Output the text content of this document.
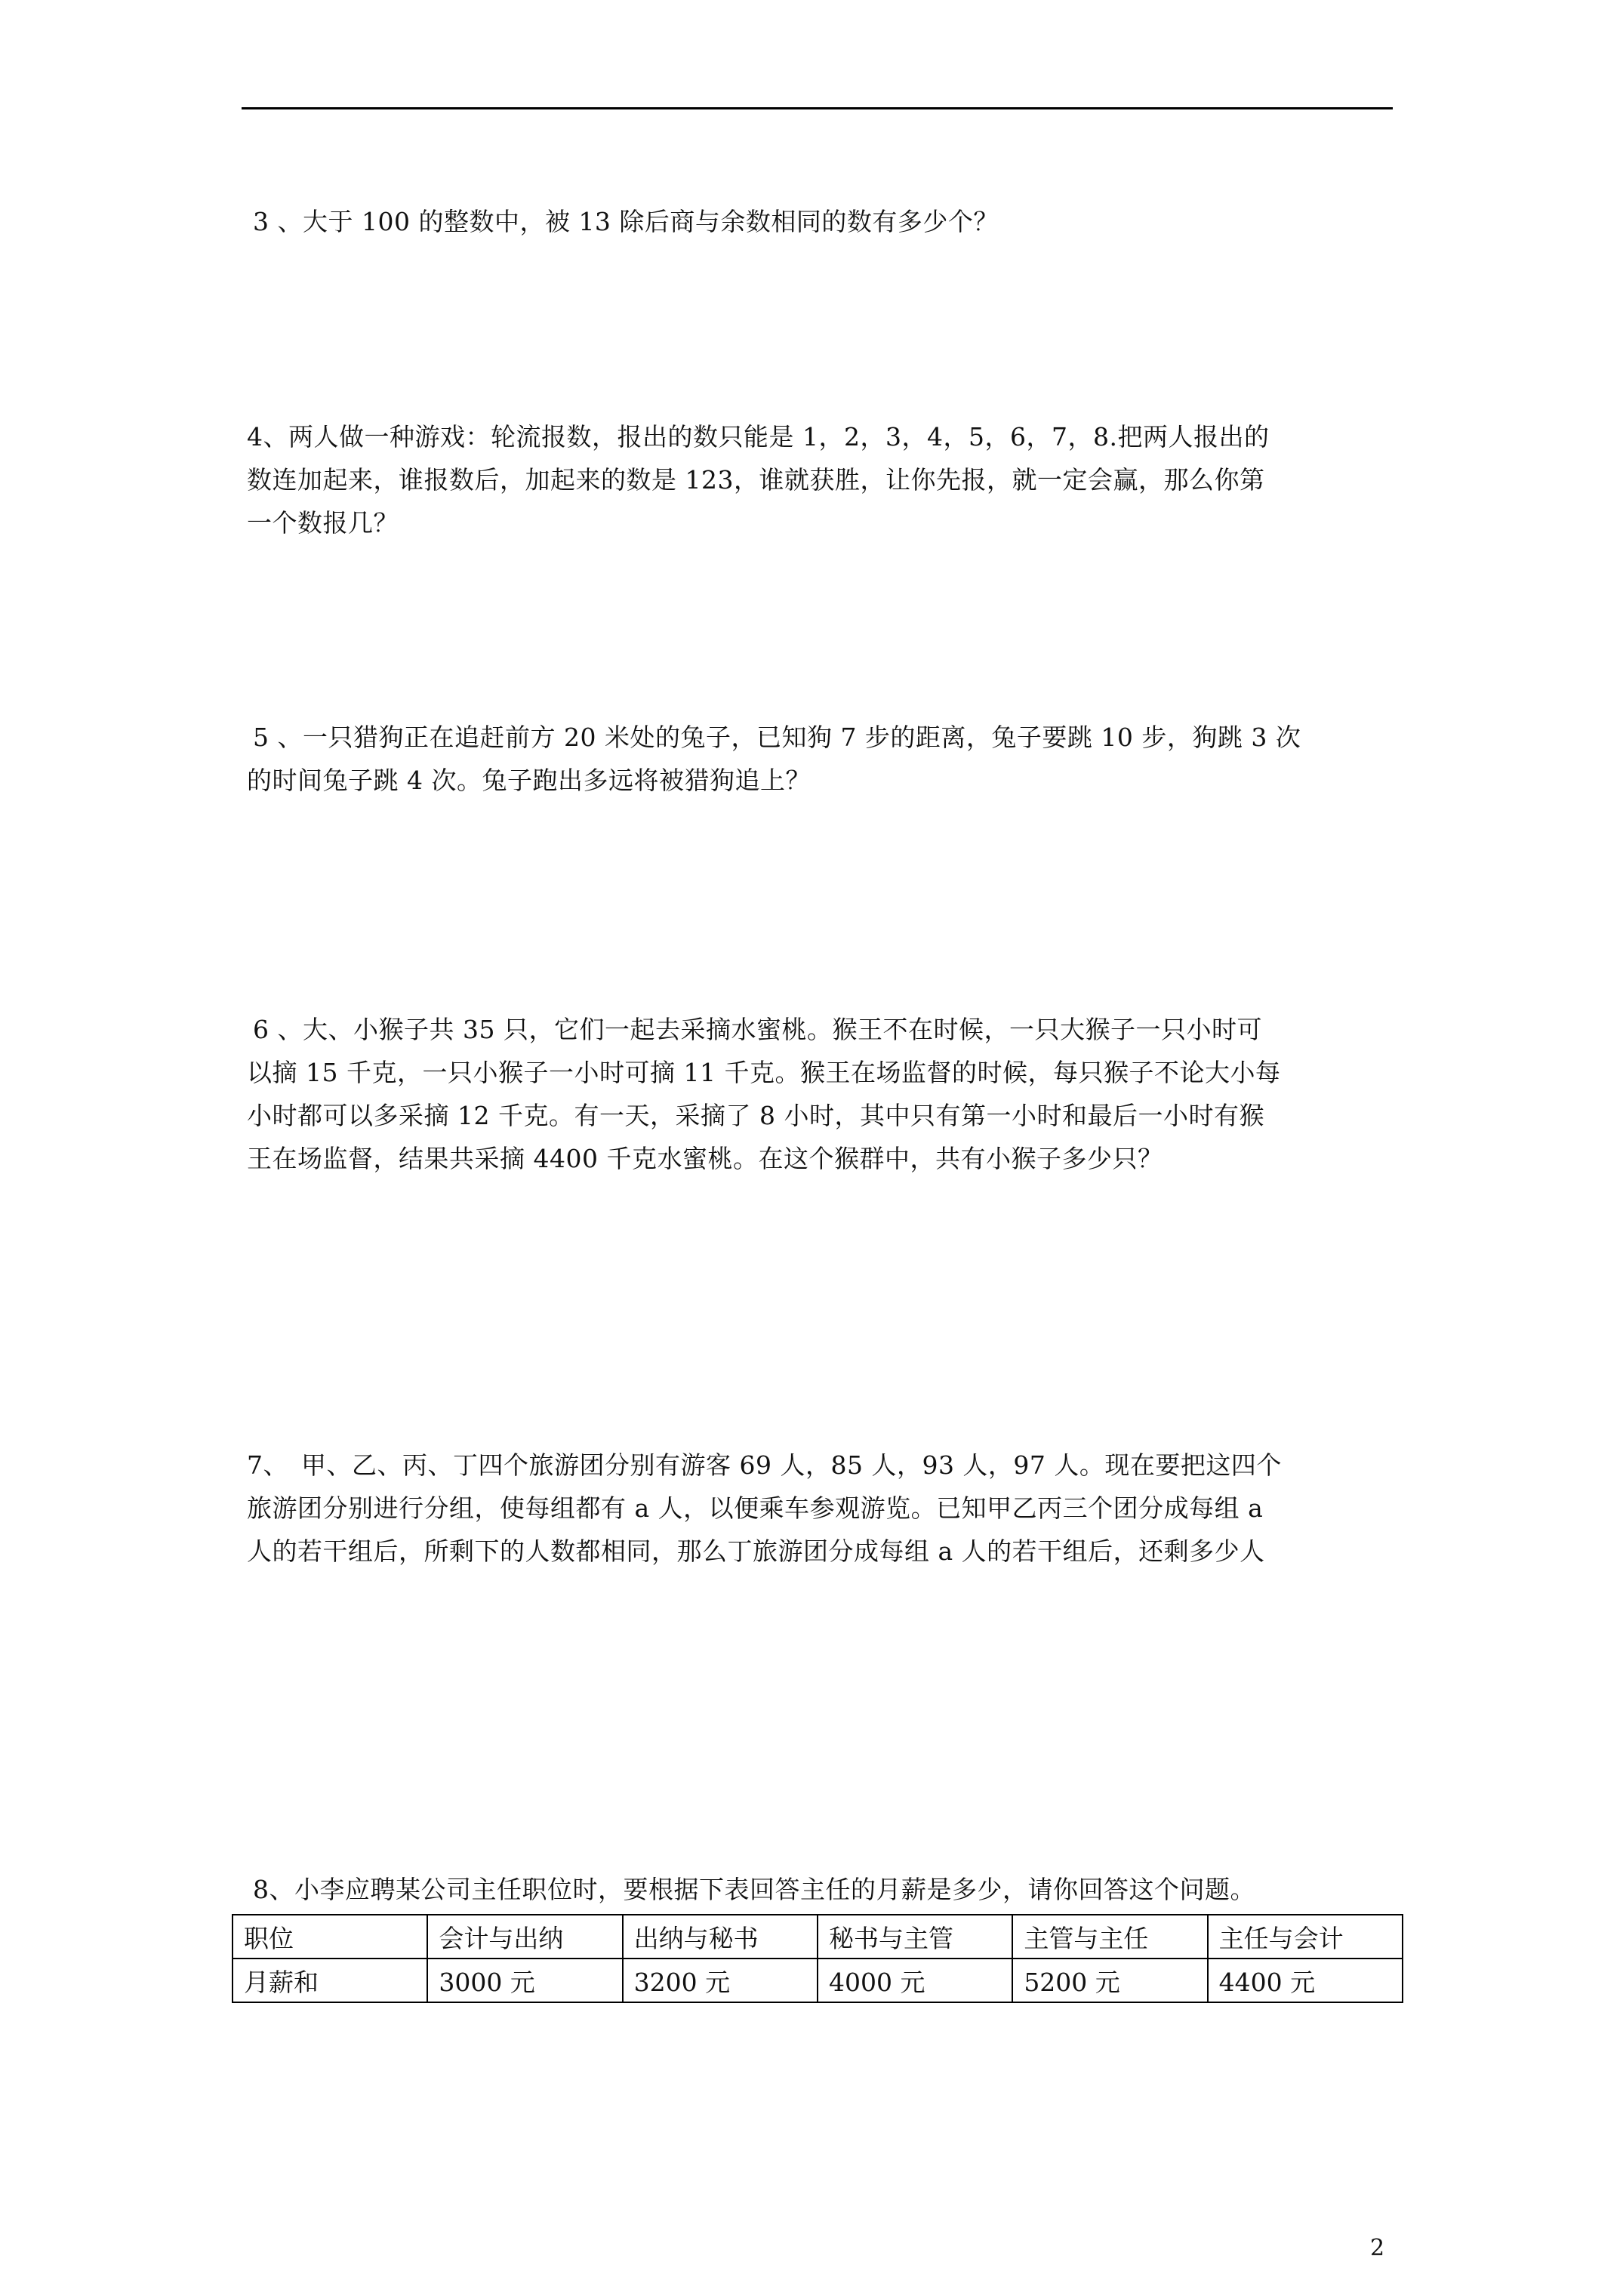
3 、大于 100 的整数中，被 13 除后商与余数相同的数有多少个？

4、两人做一种游戏：轮流报数，报出的数只能是 1，2，3，4，5，6，7，8.把两人报出的

数连加起来，谁报数后，加起来的数是 123，谁就获胜，让你先报，就一定会赢，那么你第

一个数报几？

5 、一只猎狗正在追赶前方 20 米处的兔子，已知狗 7 步的距离，兔子要跳 10 步，狗跳 3 次

的时间兔子跳 4 次。兔子跑出多远将被猎狗追上？

6 、大、小猴子共 35 只，它们一起去采摘水蜜桃。猴王不在时候，一只大猴子一只小时可

以摘 15 千克，一只小猴子一小时可摘 11 千克。猴王在场监督的时候，每只猴子不论大小每

小时都可以多采摘 12 千克。有一天，采摘了 8 小时，其中只有第一小时和最后一小时有猴

王在场监督，结果共采摘 4400 千克水蜜桃。在这个猴群中，共有小猴子多少只？

7、　甲、乙、丙、丁四个旅游团分别有游客 69 人，85 人，93 人，97 人。现在要把这四个

旅游团分别进行分组，使每组都有 a 人，以便乘车参观游览。已知甲乙丙三个团分成每组 a

人的若干组后，所剩下的人数都相同，那么丁旅游团分成每组 a 人的若干组后，还剩多少人

8、小李应聘某公司主任职位时，要根据下表回答主任的月薪是多少，请你回答这个问题。

职位	会计与出纳	出纳与秘书	秘书与主管	主管与主任	主任与会计
月薪和	3000 元	3200 元	4000 元	5200 元	4400 元
2
